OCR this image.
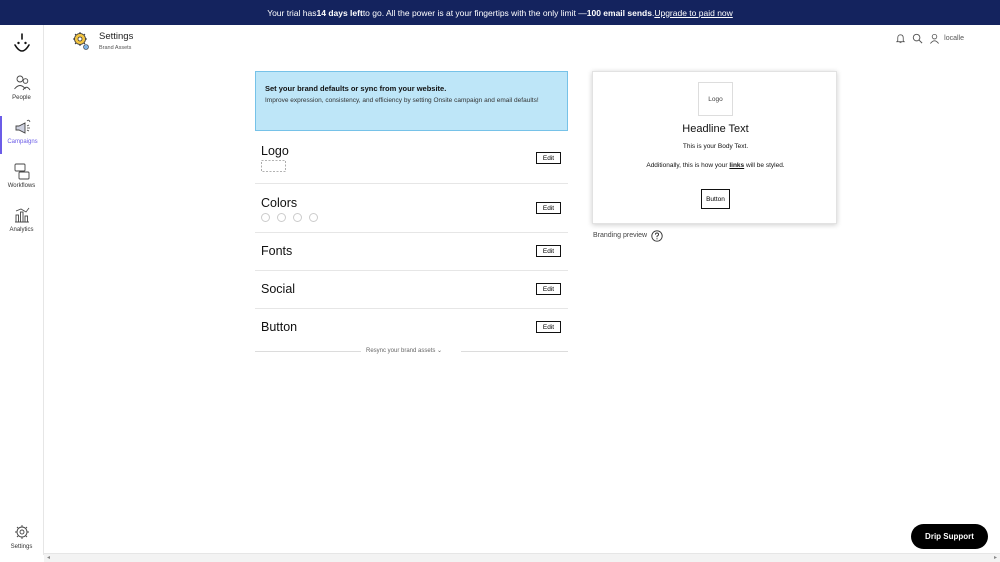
Your trial has 14 days left to go. All the power is at your fingertips with the only limit — 100 email sends . Upgrade to paid now
People
Campaigns
Workflows
Analytics
Settings
Settings
Brand Assets
localle
Set your brand defaults or sync from your website.
Improve expression, consistency, and efficiency by setting Onsite campaign and email defaults!
Logo	Edit
Colors	Edit
Fonts	Edit
Social	Edit
Button	Edit
Resync your brand assets ⌄
Logo
Headline Text
This is your Body Text.
Additionally, this is how your links will be styled.
Button
Branding preview
Drip Support
◂	▸
